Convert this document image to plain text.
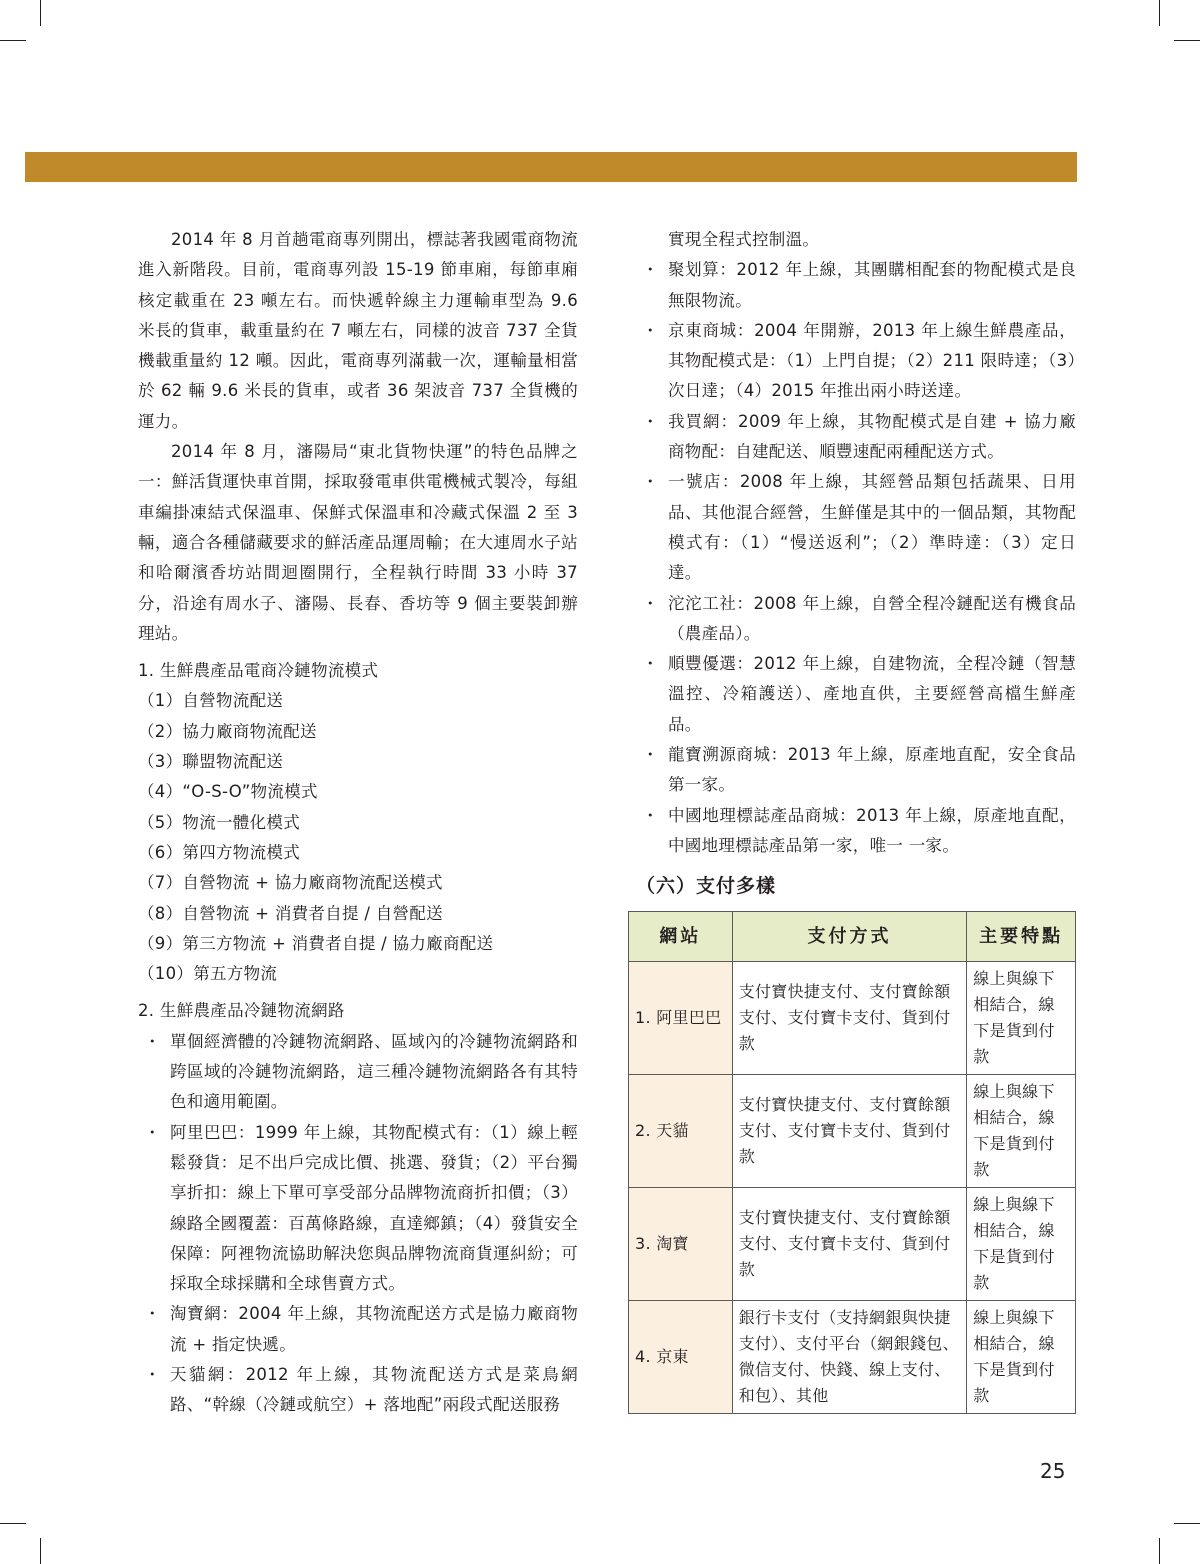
2014 年 8 月首趟電商專列開出，標誌著我國電商物流進入新階段。目前，電商專列設 15-19 節車廂，每節車廂核定載重在 23 噸左右。而快遞幹線主力運輸車型為 9.6 米長的貨車，載重量約在 7 噸左右，同樣的波音 737 全貨機載重量約 12 噸。因此，電商專列滿載一次，運輸量相當於 62 輛 9.6 米長的貨車，或者 36 架波音 737 全貨機的運力。

2014 年 8 月，瀋陽局“東北貨物快運”的特色品牌之一：鮮活貨運快車首開，採取發電車供電機械式製冷，每組車編掛凍結式保溫車、保鮮式保溫車和冷藏式保溫 2 至 3 輛，適合各種儲藏要求的鮮活產品運周輸；在大連周水子站和哈爾濱香坊站間迴圈開行，全程執行時間 33 小時 37 分，沿途有周水子、瀋陽、長春、香坊等 9 個主要裝卸辦理站。

1. 生鮮農產品電商冷鏈物流模式
（1）自營物流配送
（2）協力廠商物流配送
（3）聯盟物流配送
（4）“O-S-O”物流模式
（5）物流一體化模式
（6）第四方物流模式
（7）自營物流 + 協力廠商物流配送模式
（8）自營物流 + 消費者自提 / 自營配送
（9）第三方物流 + 消費者自提 / 協力廠商配送
（10）第五方物流
2. 生鮮農產品冷鏈物流網路
・ 單個經濟體的冷鏈物流網路、區域內的冷鏈物流網路和跨區域的冷鏈物流網路，這三種冷鏈物流網路各有其特色和適用範圍。
・ 阿里巴巴：1999 年上線，其物配模式有：（1）線上輕鬆發貨：足不出戶完成比價、挑選、發貨；（2）平台獨享折扣：線上下單可享受部分品牌物流商折扣價；（3）線路全國覆蓋：百萬條路線，直達鄉鎮；（4）發貨安全保障：阿裡物流協助解決您與品牌物流商貨運糾紛；可採取全球採購和全球售賣方式。
・ 淘寶網：2004 年上線，其物流配送方式是協力廠商物流 + 指定快遞。
・ 天貓網：2012 年上線，其物流配送方式是菜鳥網路、“幹線（冷鏈或航空）+ 落地配”兩段式配送服務
實現全程式控制溫。
・ 聚划算：2012 年上線，其團購相配套的物配模式是良無限物流。
・ 京東商城：2004 年開辦，2013 年上線生鮮農產品，其物配模式是：（1）上門自提；（2）211 限時達；（3）次日達；（4）2015 年推出兩小時送達。
・ 我買網：2009 年上線，其物配模式是自建 + 協力廠商物配：自建配送、順豐速配兩種配送方式。
・ 一號店：2008 年上線，其經營品類包括蔬果、日用品、其他混合經營，生鮮僅是其中的一個品類，其物配模式有：（1）“慢送返利”；（2）準時達：（3）定日達。
・ 沱沱工社：2008 年上線，自營全程冷鏈配送有機食品（農產品）。
・ 順豐優選：2012 年上線，自建物流，全程冷鏈（智慧溫控、冷箱護送）、產地直供，主要經營高檔生鮮產品。
・ 龍寶溯源商城：2013 年上線，原產地直配，安全食品第一家。
・ 中國地理標誌產品商城：2013 年上線，原產地直配，中國地理標誌產品第一家，唯一 一家。
（六）支付多樣
網站	支付方式	主要特點
1. 阿里巴巴	支付寶快捷支付、支付寶餘額支付、支付寶卡支付、貨到付款	線上與線下相結合，線下是貨到付款
2. 天貓	支付寶快捷支付、支付寶餘額支付、支付寶卡支付、貨到付款	線上與線下相結合，線下是貨到付款
3. 淘寶	支付寶快捷支付、支付寶餘額支付、支付寶卡支付、貨到付款	線上與線下相結合，線下是貨到付款
4. 京東	銀行卡支付（支持網銀與快捷支付）、支付平台（網銀錢包、微信支付、快錢、線上支付、和包）、其他	線上與線下相結合，線下是貨到付款
25
